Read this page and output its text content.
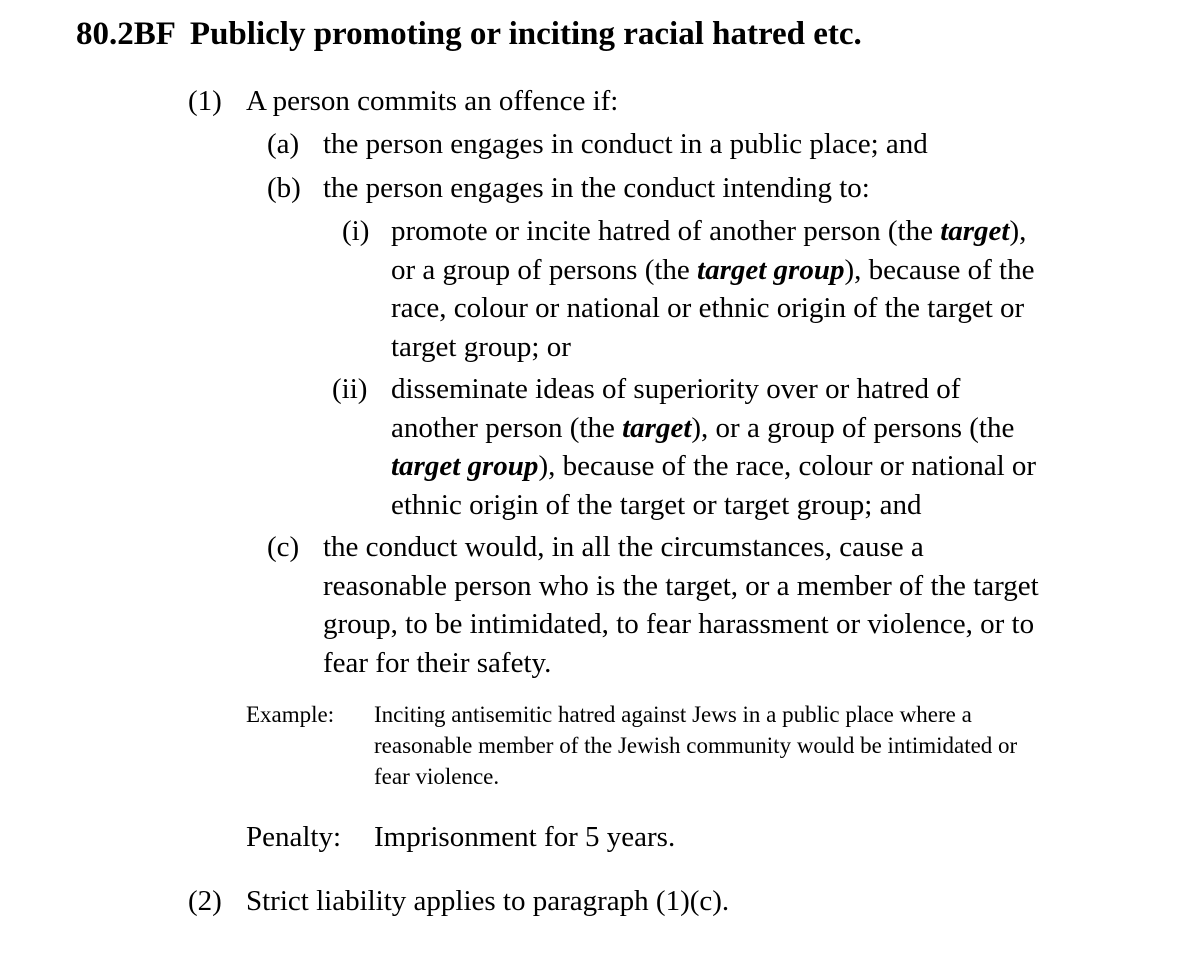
80.2BF Publicly promoting or inciting racial hatred etc.
(1) A person commits an offence if:
(a) the person engages in conduct in a public place; and
(b) the person engages in the conduct intending to:
(i) promote or incite hatred of another person (the target),
or a group of persons (the target group), because of the
race, colour or national or ethnic origin of the target or
target group; or
(ii) disseminate ideas of superiority over or hatred of
another person (the target), or a group of persons (the
target group), because of the race, colour or national or
ethnic origin of the target or target group; and
(c) the conduct would, in all the circumstances, cause a
reasonable person who is the target, or a member of the target
group, to be intimidated, to fear harassment or violence, or to
fear for their safety.
Example: Inciting antisemitic hatred against Jews in a public place where a
reasonable member of the Jewish community would be intimidated or
fear violence.
Penalty: Imprisonment for 5 years.
(2) Strict liability applies to paragraph (1)(c).
